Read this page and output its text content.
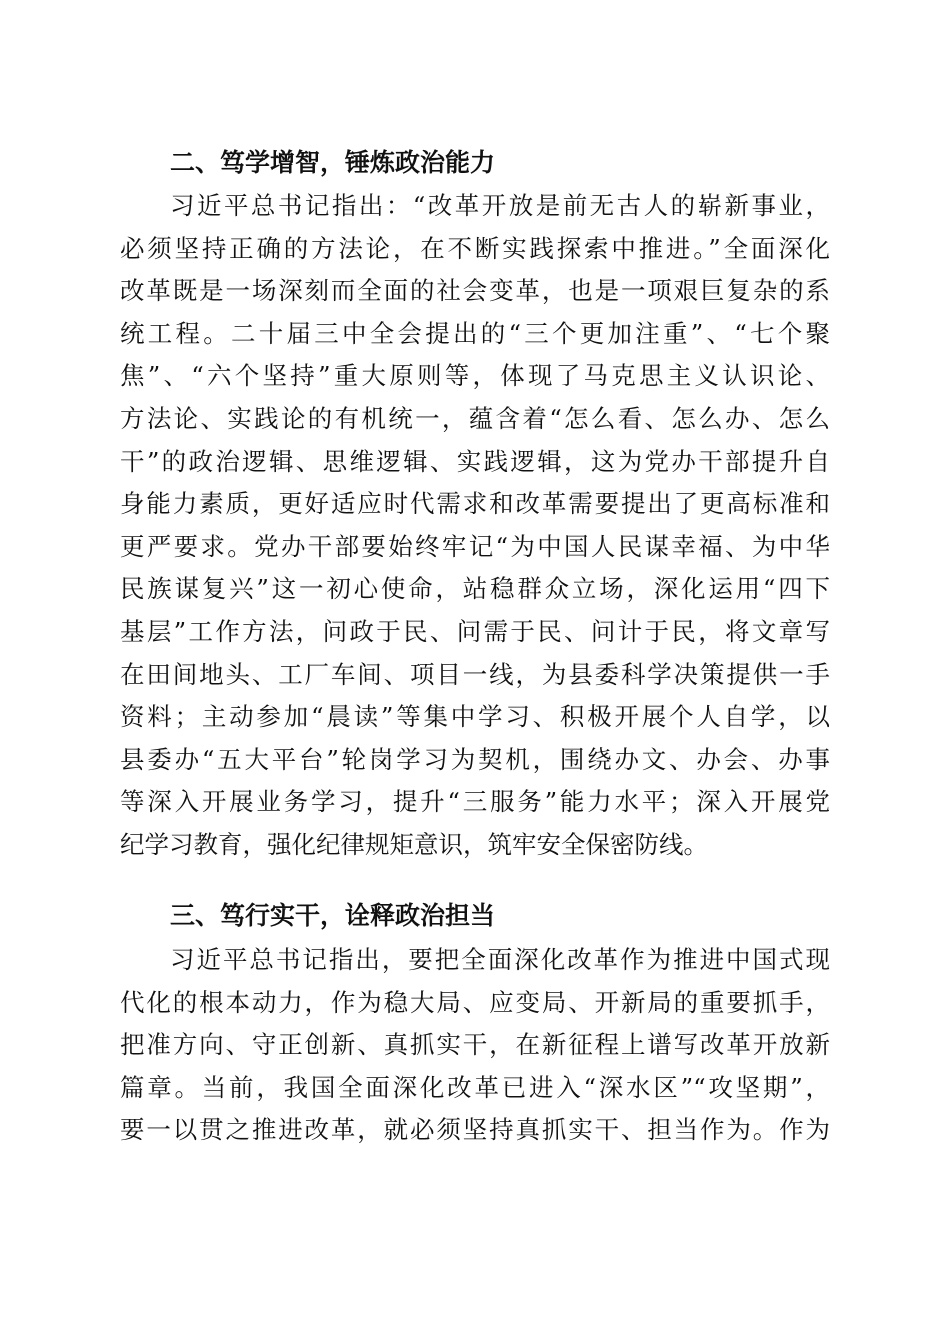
二、笃学增智，锤炼政治能力
习近平总书记指出：“改革开放是前无古人的崭新事业，
必须坚持正确的方法论，在不断实践探索中推进。”全面深化
改革既是一场深刻而全面的社会变革，也是一项艰巨复杂的系
统工程。二十届三中全会提出的“三个更加注重”、“七个聚
焦”、“六个坚持”重大原则等，体现了马克思主义认识论、
方法论、实践论的有机统一，蕴含着“怎么看、怎么办、怎么
干”的政治逻辑、思维逻辑、实践逻辑，这为党办干部提升自
身能力素质，更好适应时代需求和改革需要提出了更高标准和
更严要求。党办干部要始终牢记“为中国人民谋幸福、为中华
民族谋复兴”这一初心使命，站稳群众立场，深化运用“四下
基层”工作方法，问政于民、问需于民、问计于民，将文章写
在田间地头、工厂车间、项目一线，为县委科学决策提供一手
资料；主动参加“晨读”等集中学习、积极开展个人自学，以
县委办“五大平台”轮岗学习为契机，围绕办文、办会、办事
等深入开展业务学习，提升“三服务”能力水平；深入开展党
纪学习教育，强化纪律规矩意识，筑牢安全保密防线。
三、笃行实干，诠释政治担当
习近平总书记指出，要把全面深化改革作为推进中国式现
代化的根本动力，作为稳大局、应变局、开新局的重要抓手，
把准方向、守正创新、真抓实干，在新征程上谱写改革开放新
篇章。当前，我国全面深化改革已进入“深水区”“攻坚期”，
要一以贯之推进改革，就必须坚持真抓实干、担当作为。作为
